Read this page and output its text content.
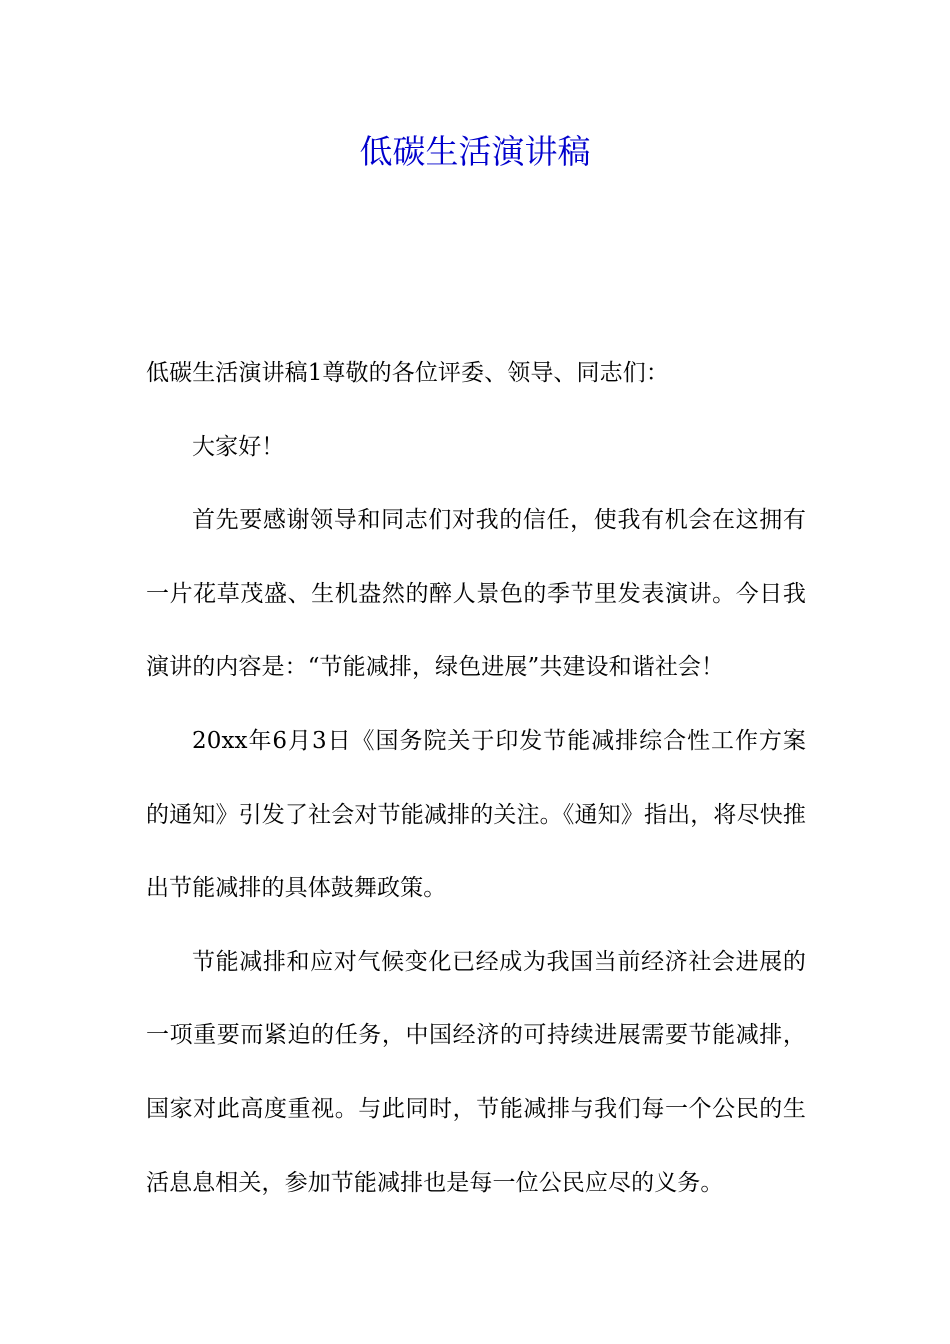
低碳生活演讲稿

低碳生活演讲稿1尊敬的各位评委、领导、同志们：

大家好！

首先要感谢领导和同志们对我的信任，使我有机会在这拥有一片花草茂盛、生机盎然的醉人景色的季节里发表演讲。今日我演讲的内容是：“节能减排，绿色进展”共建设和谐社会！

20xx年6月3日《国务院关于印发节能减排综合性工作方案的通知》引发了社会对节能减排的关注。《通知》指出，将尽快推出节能减排的具体鼓舞政策。

节能减排和应对气候变化已经成为我国当前经济社会进展的一项重要而紧迫的任务，中国经济的可持续进展需要节能减排，国家对此高度重视。与此同时，节能减排与我们每一个公民的生活息息相关，参加节能减排也是每一位公民应尽的义务。
